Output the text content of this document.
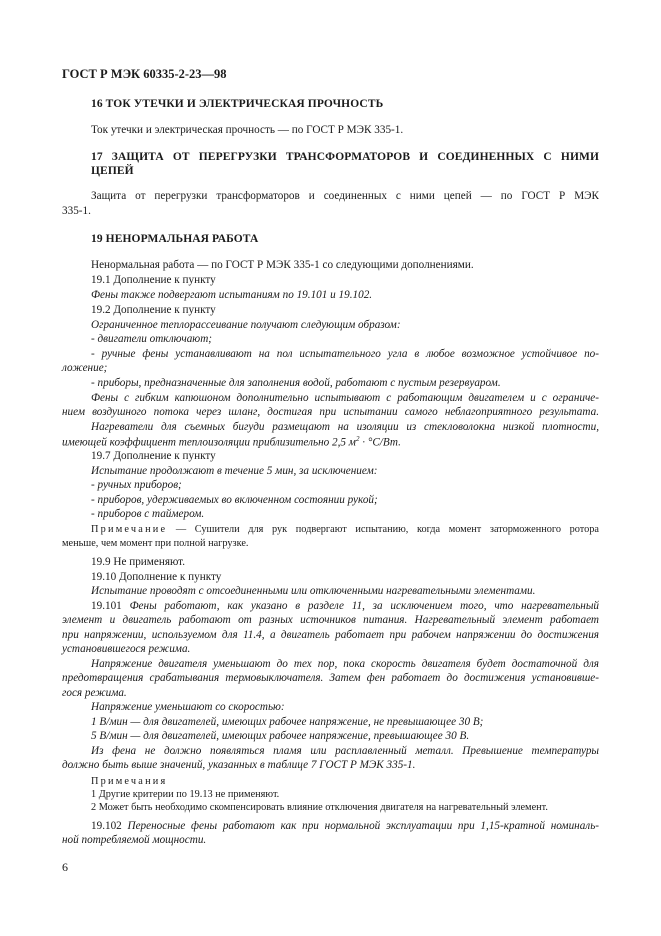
ГОСТ Р МЭК 60335-2-23—98
16 ТОК УТЕЧКИ И ЭЛЕКТРИЧЕСКАЯ ПРОЧНОСТЬ
Ток утечки и электрическая прочность — по ГОСТ Р МЭК 335-1.
17 ЗАЩИТА ОТ ПЕРЕГРУЗКИ ТРАНСФОРМАТОРОВ И СОЕДИНЕННЫХ С НИМИ
ЦЕПЕЙ
Защита от перегрузки трансформаторов и соединенных с ними цепей — по ГОСТ Р МЭК
335-1.
19 НЕНОРМАЛЬНАЯ РАБОТА
Ненормальная работа — по ГОСТ Р МЭК 335-1 со следующими дополнениями.
19.1 Дополнение к пункту
Фены также подвергают испытаниям по 19.101 и 19.102.
19.2 Дополнение к пункту
Ограниченное теплорассеивание получают следующим образом:
- двигатели отключают;
- ручные фены устанавливают на пол испытательного угла в любое возможное устойчивое по-
ложение;
- приборы, предназначенные для заполнения водой, работают с пустым резервуаром.
Фены с гибким капюшоном дополнительно испытывают с работающим двигателем и с ограниче-
нием воздушного потока через шланг, достигая при испытании самого неблагоприятного результата.
Нагреватели для съемных бигуди размещают на изоляции из стекловолокна низкой плотности,
имеющей коэффициент теплоизоляции приблизительно 2,5 $м^2 \cdot ^\circ С/Вт$.
19.7 Дополнение к пункту
Испытание продолжают в течение 5 мин, за исключением:
- ручных приборов;
- приборов, удерживаемых во включенном состоянии рукой;
- приборов с таймером.
Примечание — Сушители для рук подвергают испытанию, когда момент заторможенного ротора
меньше, чем момент при полной нагрузке.
19.9 Не применяют.
19.10 Дополнение к пункту
Испытание проводят с отсоединенными или отключенными нагревательными элементами.
19.101 Фены работают, как указано в разделе 11, за исключением того, что нагревательный
элемент и двигатель работают от разных источников питания. Нагревательный элемент работает
при напряжении, используемом для 11.4, а двигатель работает при рабочем напряжении до достижения
установившегося режима.
Напряжение двигателя уменьшают до тех пор, пока скорость двигателя будет достаточной для
предотвращения срабатывания термовыключателя. Затем фен работает до достижения установивше-
гося режима.
Напряжение уменьшают со скоростью:
1 В/мин — для двигателей, имеющих рабочее напряжение, не превышающее 30 В;
5 В/мин — для двигателей, имеющих рабочее напряжение, превышающее 30 В.
Из фена не должно появляться пламя или расплавленный металл. Превышение температуры
должно быть выше значений, указанных в таблице 7 ГОСТ Р МЭК 335-1.
Примечания
1 Другие критерии по 19.13 не применяют.
2 Может быть необходимо скомпенсировать влияние отключения двигателя на нагревательный элемент.
19.102 Переносные фены работают как при нормальной эксплуатации при 1,15-кратной номиналь-
ной потребляемой мощности.
6
